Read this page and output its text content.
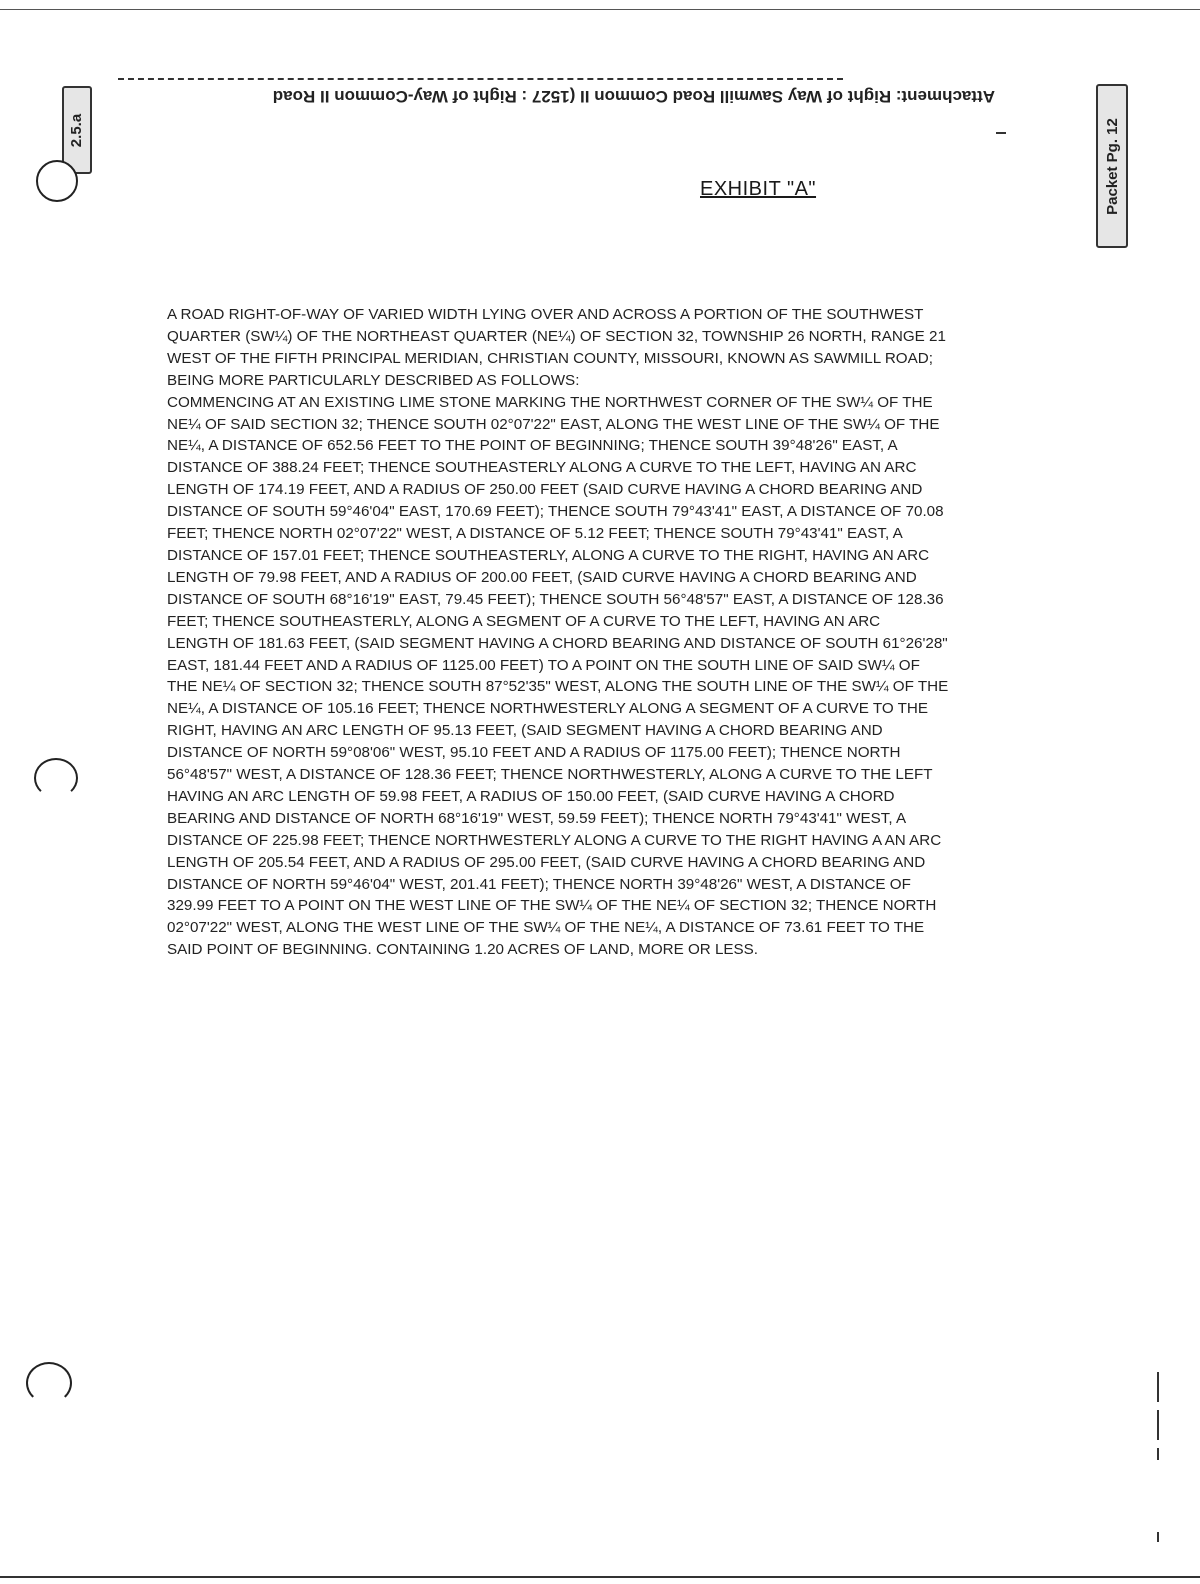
Attachment: Right of Way Sawmill Road Common II (1527 : Right of Way-Common II Road
2.5.a	Packet Pg. 12
EXHIBIT "A"
A ROAD RIGHT-OF-WAY OF VARIED WIDTH LYING OVER AND ACROSS A PORTION OF THE SOUTHWEST
QUARTER (SW¼) OF THE NORTHEAST QUARTER (NE¼) OF SECTION 32, TOWNSHIP 26 NORTH, RANGE 21
WEST OF THE FIFTH PRINCIPAL MERIDIAN, CHRISTIAN COUNTY, MISSOURI, KNOWN AS SAWMILL ROAD;
BEING MORE PARTICULARLY DESCRIBED AS FOLLOWS:
COMMENCING AT AN EXISTING LIME STONE MARKING THE NORTHWEST CORNER OF THE SW¼ OF THE
NE¼ OF SAID SECTION 32; THENCE SOUTH 02°07'22" EAST, ALONG THE WEST LINE OF THE SW¼ OF THE
NE¼, A DISTANCE OF 652.56 FEET TO THE POINT OF BEGINNING; THENCE SOUTH 39°48'26" EAST, A
DISTANCE OF 388.24 FEET; THENCE SOUTHEASTERLY ALONG A CURVE TO THE LEFT, HAVING AN ARC
LENGTH OF 174.19 FEET, AND A RADIUS OF 250.00 FEET (SAID CURVE HAVING A CHORD BEARING AND
DISTANCE OF SOUTH 59°46'04" EAST, 170.69 FEET); THENCE SOUTH 79°43'41" EAST, A DISTANCE OF 70.08
FEET; THENCE NORTH 02°07'22" WEST, A DISTANCE OF 5.12 FEET; THENCE SOUTH 79°43'41" EAST, A
DISTANCE OF 157.01 FEET; THENCE SOUTHEASTERLY, ALONG A CURVE TO THE RIGHT, HAVING AN ARC
LENGTH OF 79.98 FEET, AND A RADIUS OF 200.00 FEET, (SAID CURVE HAVING A CHORD BEARING AND
DISTANCE OF SOUTH 68°16'19" EAST, 79.45 FEET); THENCE SOUTH 56°48'57" EAST, A DISTANCE OF 128.36
FEET; THENCE SOUTHEASTERLY, ALONG A SEGMENT OF A CURVE TO THE LEFT, HAVING AN ARC
LENGTH OF 181.63 FEET, (SAID SEGMENT HAVING A CHORD BEARING AND DISTANCE OF SOUTH 61°26'28"
EAST, 181.44 FEET AND A RADIUS OF 1125.00 FEET) TO A POINT ON THE SOUTH LINE OF SAID SW¼ OF
THE NE¼ OF SECTION 32; THENCE SOUTH 87°52'35" WEST, ALONG THE SOUTH LINE OF THE SW¼ OF THE
NE¼, A DISTANCE OF 105.16 FEET; THENCE NORTHWESTERLY ALONG A SEGMENT OF A CURVE TO THE
RIGHT, HAVING AN ARC LENGTH OF 95.13 FEET, (SAID SEGMENT HAVING A CHORD BEARING AND
DISTANCE OF NORTH 59°08'06" WEST, 95.10 FEET AND A RADIUS OF 1175.00 FEET); THENCE NORTH
56°48'57" WEST, A DISTANCE OF 128.36 FEET; THENCE NORTHWESTERLY, ALONG A CURVE TO THE LEFT
HAVING AN ARC LENGTH OF 59.98 FEET, A RADIUS OF 150.00 FEET, (SAID CURVE HAVING A CHORD
BEARING AND DISTANCE OF NORTH 68°16'19" WEST, 59.59 FEET); THENCE NORTH 79°43'41" WEST, A
DISTANCE OF 225.98 FEET; THENCE NORTHWESTERLY ALONG A CURVE TO THE RIGHT HAVING A AN ARC
LENGTH OF 205.54 FEET, AND A RADIUS OF 295.00 FEET, (SAID CURVE HAVING A CHORD BEARING AND
DISTANCE OF NORTH 59°46'04" WEST, 201.41 FEET); THENCE NORTH 39°48'26" WEST, A DISTANCE OF
329.99 FEET TO A POINT ON THE WEST LINE OF THE SW¼ OF THE NE¼ OF SECTION 32; THENCE NORTH
02°07'22" WEST, ALONG THE WEST LINE OF THE SW¼ OF THE NE¼, A DISTANCE OF 73.61 FEET TO THE
SAID POINT OF BEGINNING. CONTAINING 1.20 ACRES OF LAND, MORE OR LESS.
